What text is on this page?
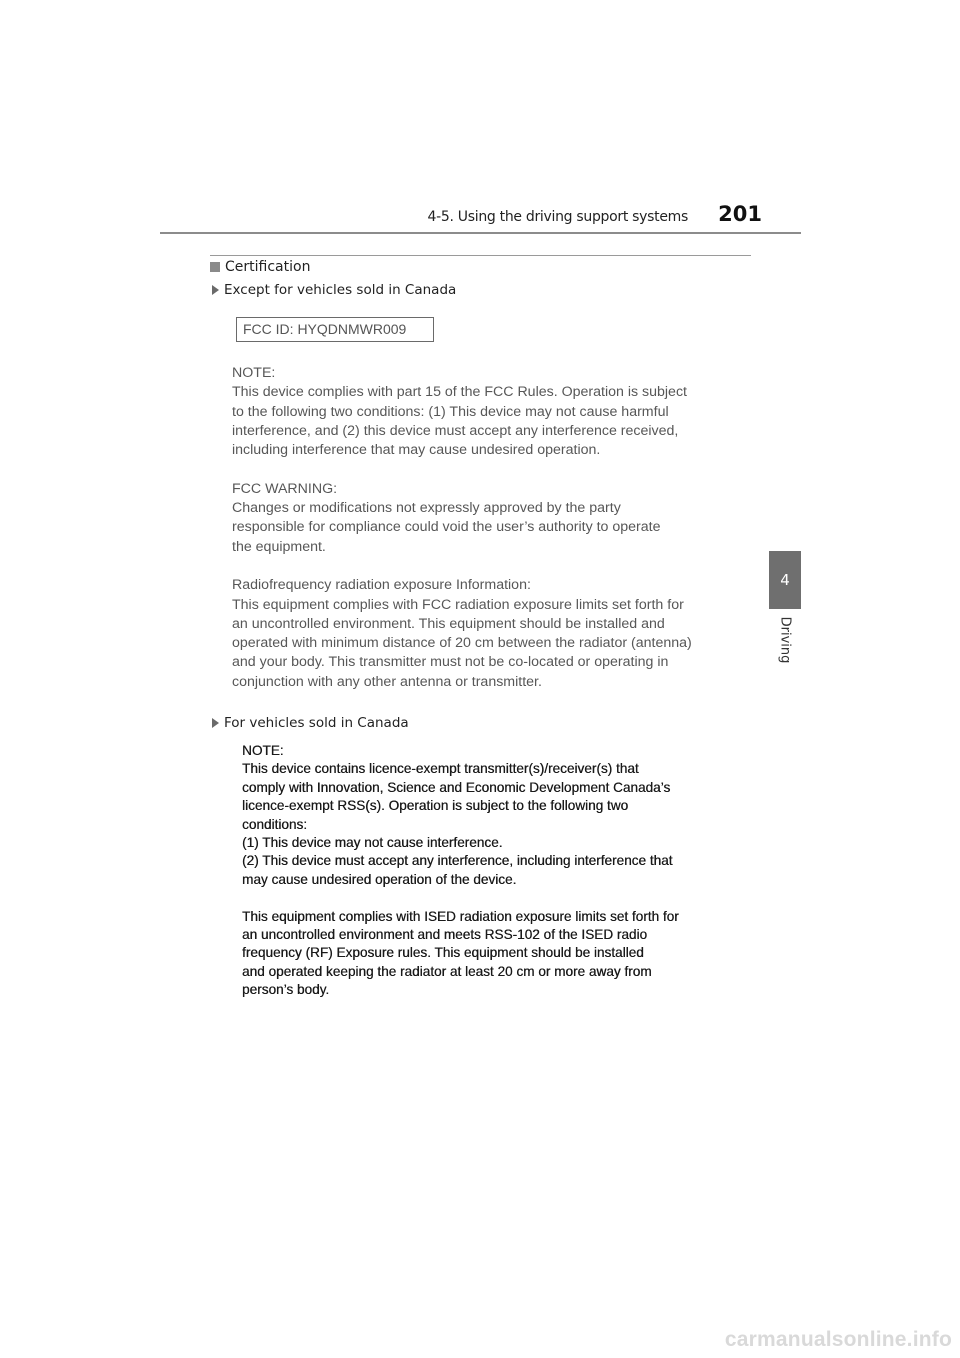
4-5. Using the driving support systems 201
Certification
Except for vehicles sold in Canada
FCC ID: HYQDNMWR009

NOTE:
This device complies with part 15 of the FCC Rules. Operation is subject
to the following two conditions: (1) This device may not cause harmful
interference, and (2) this device must accept any interference received,
including interference that may cause undesired operation.

FCC WARNING:
Changes or modifications not expressly approved by the party
responsible for compliance could void the user’s authority to operate
the equipment.

Radiofrequency radiation exposure Information:
This equipment complies with FCC radiation exposure limits set forth for
an uncontrolled environment. This equipment should be installed and
operated with minimum distance of 20 cm between the radiator (antenna)
and your body. This transmitter must not be co-located or operating in
conjunction with any other antenna or transmitter.

For vehicles sold in Canada

NOTE:
This device contains licence-exempt transmitter(s)/receiver(s) that
comply with Innovation, Science and Economic Development Canada’s
licence-exempt RSS(s). Operation is subject to the following two
conditions:
(1) This device may not cause interference.
(2) This device must accept any interference, including interference that
may cause undesired operation of the device.

This equipment complies with ISED radiation exposure limits set forth for
an uncontrolled environment and meets RSS-102 of the ISED radio
frequency (RF) Exposure rules. This equipment should be installed
and operated keeping the radiator at least 20 cm or more away from
person’s body.

4
Driving
carmanualsonline.info
